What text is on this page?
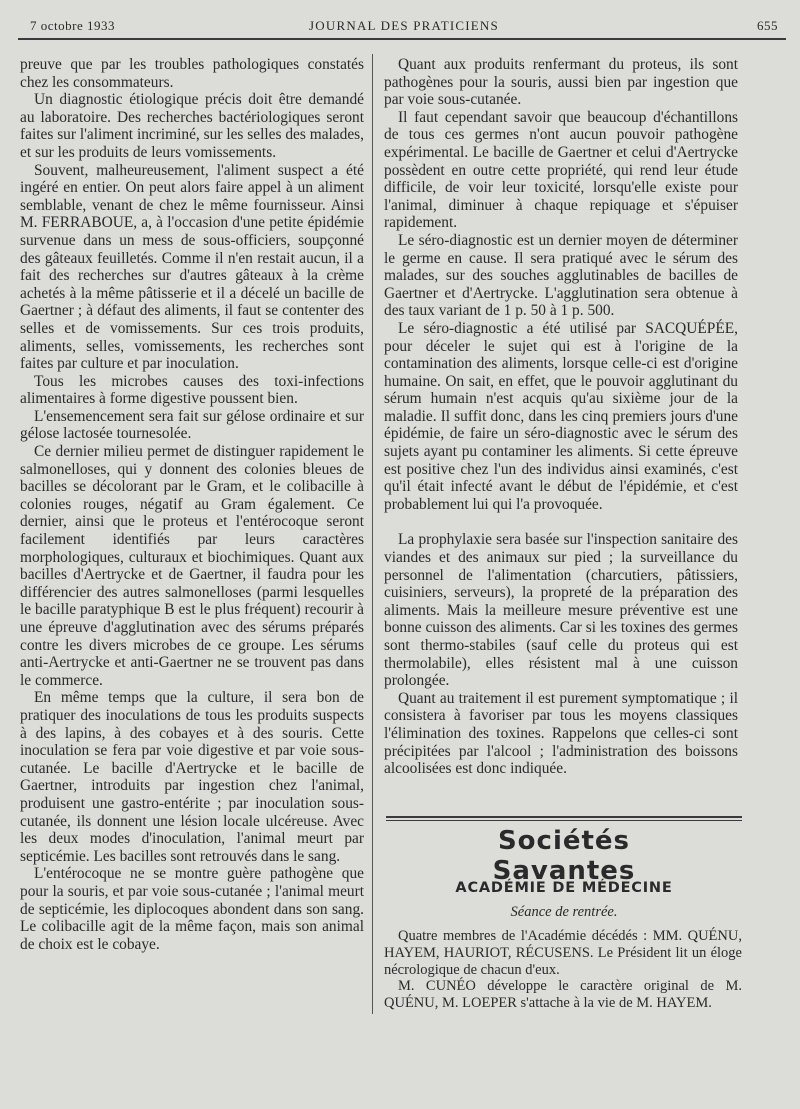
7 octobre 1933	JOURNAL DES PRATICIENS	655

preuve que par les troubles pathologiques constatés chez les consommateurs.

Un diagnostic étiologique précis doit être demandé au laboratoire. Des recherches bactériologiques seront faites sur l'aliment incriminé, sur les selles des malades, et sur les produits de leurs vomissements.

Souvent, malheureusement, l'aliment suspect a été ingéré en entier. On peut alors faire appel à un aliment semblable, venant de chez le même fournisseur. Ainsi M. FERRABOUE, a, à l'occasion d'une petite épidémie survenue dans un mess de sous-officiers, soupçonné des gâteaux feuilletés. Comme il n'en restait aucun, il a fait des recherches sur d'autres gâteaux à la crème achetés à la même pâtisserie et il a décelé un bacille de Gaertner ; à défaut des aliments, il faut se contenter des selles et de vomissements. Sur ces trois produits, aliments, selles, vomissements, les recherches sont faites par culture et par inoculation.

Tous les microbes causes des toxi-infections alimentaires à forme digestive poussent bien.

L'ensemencement sera fait sur gélose ordinaire et sur gélose lactosée tournesolée.

Ce dernier milieu permet de distinguer rapidement le salmonelloses, qui y donnent des colonies bleues de bacilles se décolorant par le Gram, et le colibacille à colonies rouges, négatif au Gram également. Ce dernier, ainsi que le proteus et l'entérocoque seront facilement identifiés par leurs caractères morphologiques, culturaux et biochimiques. Quant aux bacilles d'Aertrycke et de Gaertner, il faudra pour les différencier des autres salmonelloses (parmi lesquelles le bacille paratyphique B est le plus fréquent) recourir à une épreuve d'agglutination avec des sérums préparés contre les divers microbes de ce groupe. Les sérums anti-Aertrycke et anti-Gaertner ne se trouvent pas dans le commerce.

En même temps que la culture, il sera bon de pratiquer des inoculations de tous les produits suspects à des lapins, à des cobayes et à des souris. Cette inoculation se fera par voie digestive et par voie sous-cutanée. Le bacille d'Aertrycke et le bacille de Gaertner, introduits par ingestion chez l'animal, produisent une gastro-entérite ; par inoculation sous-cutanée, ils donnent une lésion locale ulcéreuse. Avec les deux modes d'inoculation, l'animal meurt par septicémie. Les bacilles sont retrouvés dans le sang.

L'entérocoque ne se montre guère pathogène que pour la souris, et par voie sous-cutanée ; l'animal meurt de septicémie, les diplocoques abondent dans son sang. Le colibacille agit de la même façon, mais son animal de choix est le cobaye.

Quant aux produits renfermant du proteus, ils sont pathogènes pour la souris, aussi bien par ingestion que par voie sous-cutanée.

Il faut cependant savoir que beaucoup d'échantillons de tous ces germes n'ont aucun pouvoir pathogène expérimental. Le bacille de Gaertner et celui d'Aertrycke possèdent en outre cette propriété, qui rend leur étude difficile, de voir leur toxicité, lorsqu'elle existe pour l'animal, diminuer à chaque repiquage et s'épuiser rapidement.

Le séro-diagnostic est un dernier moyen de déterminer le germe en cause. Il sera pratiqué avec le sérum des malades, sur des souches agglutinables de bacilles de Gaertner et d'Aertrycke. L'agglutination sera obtenue à des taux variant de 1 p. 50 à 1 p. 500.

Le séro-diagnostic a été utilisé par SACQUÉPÉE, pour déceler le sujet qui est à l'origine de la contamination des aliments, lorsque celle-ci est d'origine humaine. On sait, en effet, que le pouvoir agglutinant du sérum humain n'est acquis qu'au sixième jour de la maladie. Il suffit donc, dans les cinq premiers jours d'une épidémie, de faire un séro-diagnostic avec le sérum des sujets ayant pu contaminer les aliments. Si cette épreuve est positive chez l'un des individus ainsi examinés, c'est qu'il était infecté avant le début de l'épidémie, et c'est probablement lui qui l'a provoquée.

La prophylaxie sera basée sur l'inspection sanitaire des viandes et des animaux sur pied ; la surveillance du personnel de l'alimentation (charcutiers, pâtissiers, cuisiniers, serveurs), la propreté de la préparation des aliments. Mais la meilleure mesure préventive est une bonne cuisson des aliments. Car si les toxines des germes sont thermo-stabiles (sauf celle du proteus qui est thermolabile), elles résistent mal à une cuisson prolongée.

Quant au traitement il est purement symptomatique ; il consistera à favoriser par tous les moyens classiques l'élimination des toxines. Rappelons que celles-ci sont précipitées par l'alcool ; l'administration des boissons alcoolisées est donc indiquée.

Sociétés Savantes
ACADÉMIE DE MÉDECINE
Séance de rentrée.

Quatre membres de l'Académie décédés : MM. QUÉNU, HAYEM, HAURIOT, RÉCUSENS. Le Président lit un éloge nécrologique de chacun d'eux.

M. CUNÉO développe le caractère original de M. QUÉNU, M. LOEPER s'attache à la vie de M. HAYEM.
